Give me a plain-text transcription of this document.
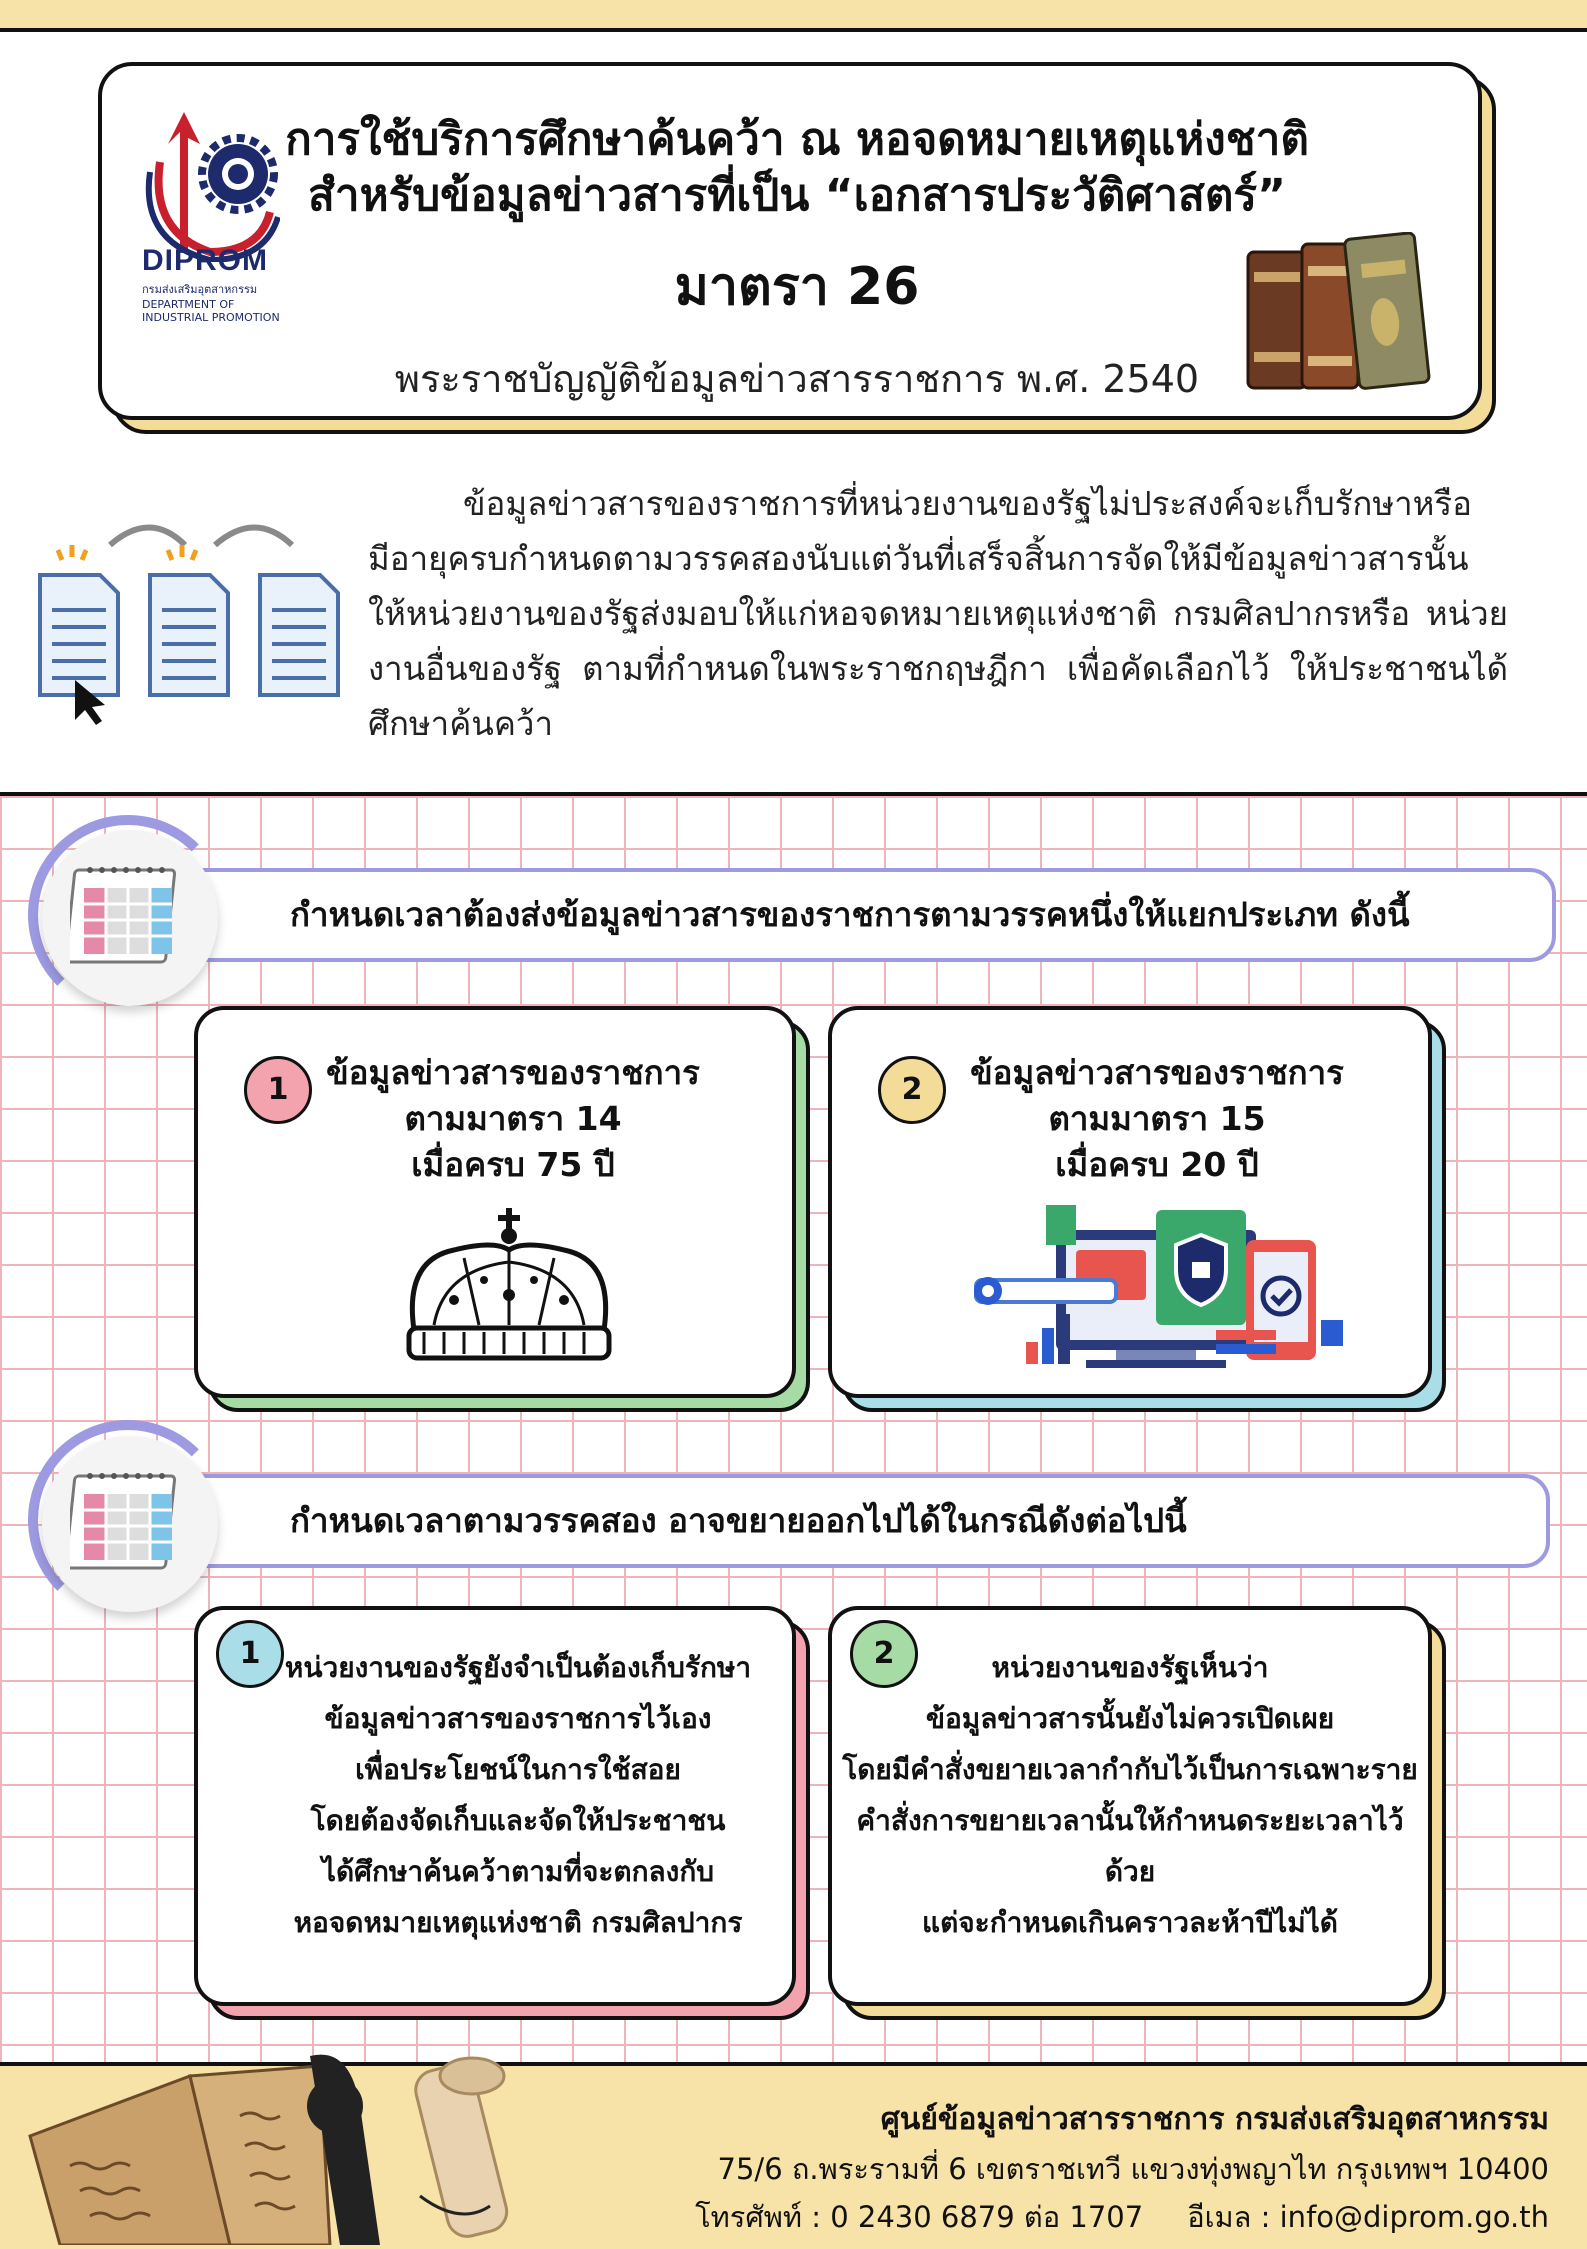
DIPROM
กรมส่งเสริมอุตสาหกรรม DEPARTMENT OF INDUSTRIAL PROMOTION
การใช้บริการศึกษาค้นคว้า ณ หอจดหมายเหตุแห่งชาติ
สำหรับข้อมูลข่าวสารที่เป็น “เอกสารประวัติศาสตร์”
มาตรา 26
พระราชบัญญัติข้อมูลข่าวสารราชการ พ.ศ. 2540
ข้อมูลข่าวสารของราชการที่หน่วยงานของรัฐไม่ประสงค์จะเก็บรักษาหรือ
มีอายุครบกำหนดตามวรรคสองนับแต่วันที่เสร็จสิ้นการจัดให้มีข้อมูลข่าวสารนั้น ให้หน่วยงานของรัฐส่งมอบให้แก่หอจดหมายเหตุแห่งชาติ กรมศิลปากรหรือ หน่วยงานอื่นของรัฐ ตามที่กำหนดในพระราชกฤษฎีกา เพื่อคัดเลือกไว้ ให้ประชาชนได้ศึกษาค้นคว้า
กำหนดเวลาต้องส่งข้อมูลข่าวสารของราชการตามวรรคหนึ่งให้แยกประเภท ดังนี้
1	ข้อมูลข่าวสารของราชการ
ตามมาตรา 14
เมื่อครบ 75 ปี
2	ข้อมูลข่าวสารของราชการ
ตามมาตรา 15
เมื่อครบ 20 ปี
กำหนดเวลาตามวรรคสอง อาจขยายออกไปได้ในกรณีดังต่อไปนี้
1 หน่วยงานของรัฐยังจำเป็นต้องเก็บรักษา
ข้อมูลข่าวสารของราชการไว้เอง
เพื่อประโยชน์ในการใช้สอย
โดยต้องจัดเก็บและจัดให้ประชาชน
ได้ศึกษาค้นคว้าตามที่จะตกลงกับ
หอจดหมายเหตุแห่งชาติ กรมศิลปากร
2	หน่วยงานของรัฐเห็นว่า
ข้อมูลข่าวสารนั้นยังไม่ควรเปิดเผย
โดยมีคำสั่งขยายเวลากำกับไว้เป็นการเฉพาะราย
คำสั่งการขยายเวลานั้นให้กำหนดระยะเวลาไว้ด้วย
แต่จะกำหนดเกินคราวละห้าปีไม่ได้
ศูนย์ข้อมูลข่าวสารราชการ กรมส่งเสริมอุตสาหกรรม
75/6 ถ.พระรามที่ 6 เขตราชเทวี แขวงทุ่งพญาไท กรุงเทพฯ 10400
โทรศัพท์ : 0 2430 6879 ต่อ 1707 อีเมล : info@diprom.go.th
